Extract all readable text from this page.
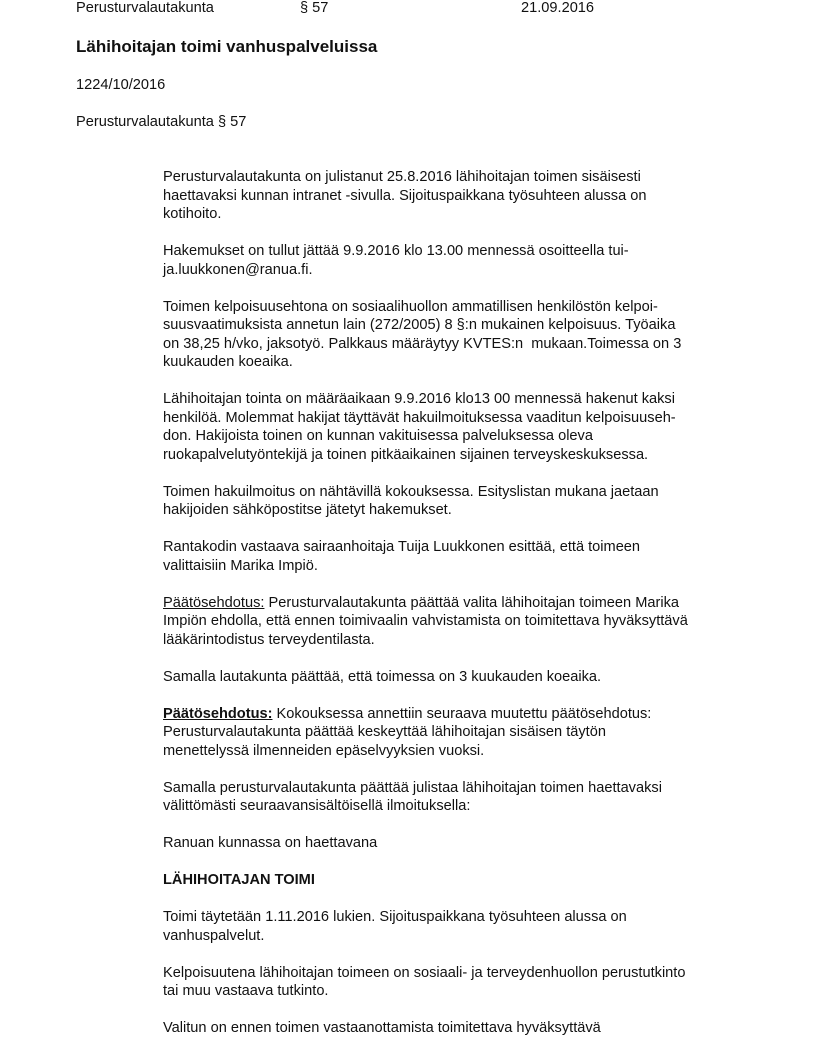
Perusturvalautakunta	§ 57	21.09.2016
Lähihoitajan toimi vanhuspalveluissa
1224/10/2016
Perusturvalautakunta § 57
Perusturvalautakunta on julistanut 25.8.2016 lähihoitajan toimen sisäisesti
haettavaksi kunnan intranet -sivulla. Sijoituspaikkana työsuhteen alussa on
kotihoito.
Hakemukset on tullut jättää 9.9.2016 klo 13.00 mennessä osoitteella tui-
ja.luukkonen@ranua.fi.
Toimen kelpoisuusehtona on sosiaalihuollon ammatillisen henkilöstön kelpoi-
suusvaatimuksista annetun lain (272/2005) 8 §:n mukainen kelpoisuus. Työaika
on 38,25 h/vko, jaksotyö. Palkkaus määräytyy KVTES:n  mukaan.Toimessa on 3
kuukauden koeaika.
Lähihoitajan tointa on määräaikaan 9.9.2016 klo13 00 mennessä hakenut kaksi
henkilöä. Molemmat hakijat täyttävät hakuilmoituksessa vaaditun kelpoisuuseh-
don. Hakijoista toinen on kunnan vakituisessa palveluksessa oleva
ruokapalvelutyöntekijä ja toinen pitkäaikainen sijainen terveyskeskuksessa.
Toimen hakuilmoitus on nähtävillä kokouksessa. Esityslistan mukana jaetaan
hakijoiden sähköpostitse jätetyt hakemukset.
Rantakodin vastaava sairaanhoitaja Tuija Luukkonen esittää, että toimeen
valittaisiin Marika Impiö.
Päätösehdotus: Perusturvalautakunta päättää valita lähihoitajan toimeen Marika
Impiön ehdolla, että ennen toimivaalin vahvistamista on toimitettava hyväksyttävä
lääkärintodistus terveydentilasta.
Samalla lautakunta päättää, että toimessa on 3 kuukauden koeaika.
Päätösehdotus: Kokouksessa annettiin seuraava muutettu päätösehdotus:
Perusturvalautakunta päättää keskeyttää lähihoitajan sisäisen täytön
menettelyssä ilmenneiden epäselvyyksien vuoksi.
Samalla perusturvalautakunta päättää julistaa lähihoitajan toimen haettavaksi
välittömästi seuraavansisältöisellä ilmoituksella:
Ranuan kunnassa on haettavana
LÄHIHOITAJAN TOIMI
Toimi täytetään 1.11.2016 lukien. Sijoituspaikkana työsuhteen alussa on
vanhuspalvelut.
Kelpoisuutena lähihoitajan toimeen on sosiaali- ja terveydenhuollon perustutkinto
tai muu vastaava tutkinto.
Valitun on ennen toimen vastaanottamista toimitettava hyväksyttävä
